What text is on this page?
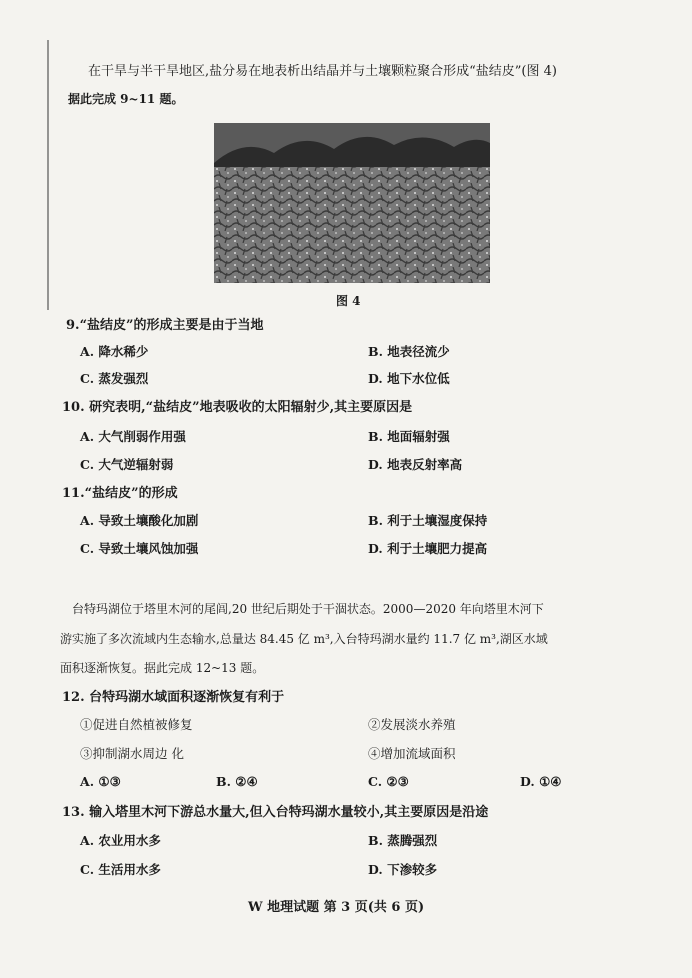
在干旱与半干旱地区,盐分易在地表析出结晶并与土壤颗粒聚合形成“盐结皮”(图 4)
据此完成 9~11 题。
图 4
9.“盐结皮”的形成主要是由于当地
A. 降水稀少	B. 地表径流少
C. 蒸发强烈	D. 地下水位低
10. 研究表明,“盐结皮”地表吸收的太阳辐射少,其主要原因是
A. 大气削弱作用强	B. 地面辐射强
C. 大气逆辐射弱	D. 地表反射率高
11.“盐结皮”的形成
A. 导致土壤酸化加剧	B. 利于土壤湿度保持
C. 导致土壤风蚀加强	D. 利于土壤肥力提高
台特玛湖位于塔里木河的尾闾,20 世纪后期处于干涸状态。2000—2020 年向塔里木河下
游实施了多次流域内生态输水,总量达 84.45 亿 m³,入台特玛湖水量约 11.7 亿 m³,湖区水域
面积逐渐恢复。据此完成 12~13 题。
12. 台特玛湖水域面积逐渐恢复有利于
①促进自然植被修复	②发展淡水养殖
③抑制湖水周边 化	④增加流域面积
A. ①③	B. ②④	C. ②③	D. ①④
13. 输入塔里木河下游总水量大,但入台特玛湖水量较小,其主要原因是沿途
A. 农业用水多	B. 蒸腾强烈
C. 生活用水多	D. 下渗较多
W 地理试题 第 3 页(共 6 页)
